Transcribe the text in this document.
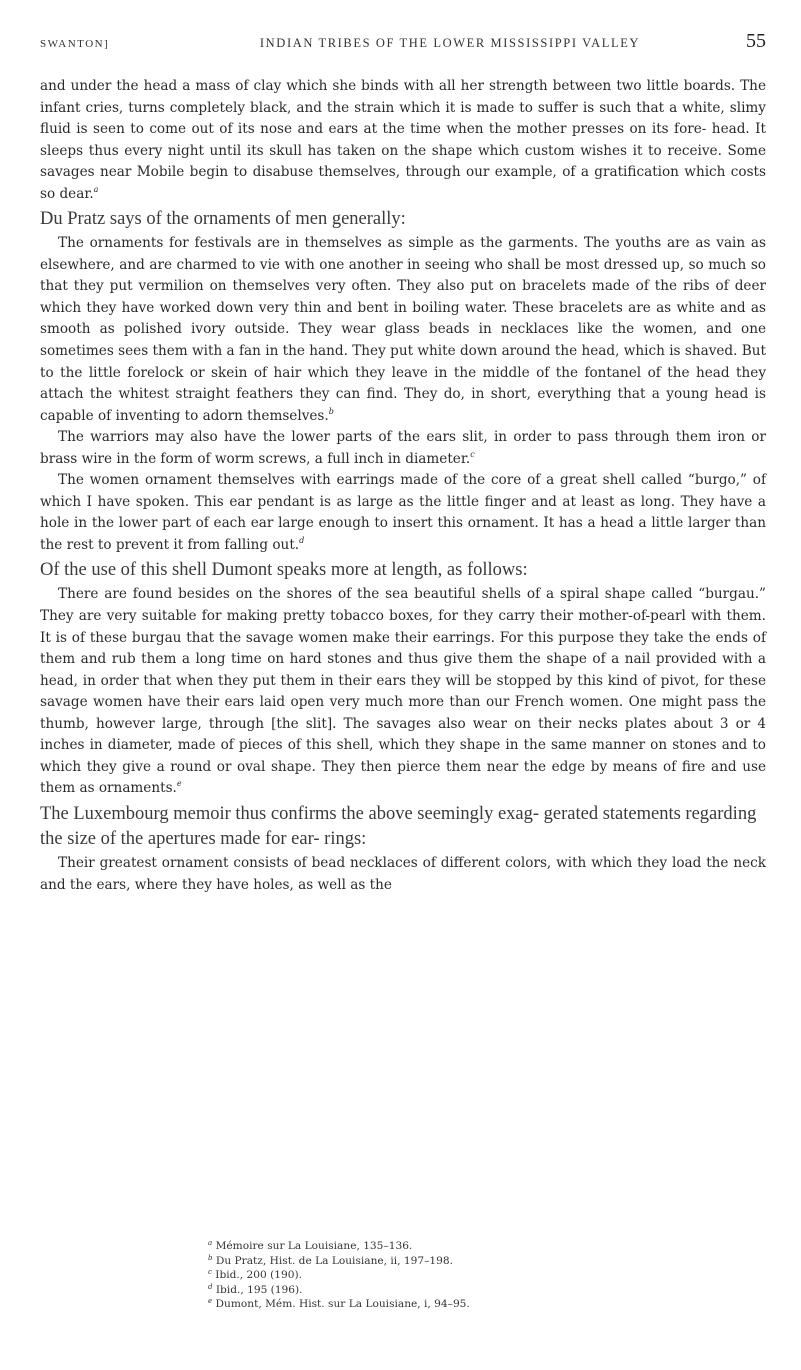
SWANTON]	INDIAN TRIBES OF THE LOWER MISSISSIPPI VALLEY	55

and under the head a mass of clay which she binds with all her strength between two little boards. The infant cries, turns completely black, and the strain which it is made to suffer is such that a white, slimy fluid is seen to come out of its nose and ears at the time when the mother presses on its fore- head. It sleeps thus every night until its skull has taken on the shape which custom wishes it to receive. Some savages near Mobile begin to disabuse themselves, through our example, of a gratification which costs so dear.$^a$

Du Pratz says of the ornaments of men generally:

The ornaments for festivals are in themselves as simple as the garments. The youths are as vain as elsewhere, and are charmed to vie with one another in seeing who shall be most dressed up, so much so that they put vermilion on themselves very often. They also put on bracelets made of the ribs of deer which they have worked down very thin and bent in boiling water. These bracelets are as white and as smooth as polished ivory outside. They wear glass beads in necklaces like the women, and one sometimes sees them with a fan in the hand. They put white down around the head, which is shaved. But to the little forelock or skein of hair which they leave in the middle of the fontanel of the head they attach the whitest straight feathers they can find. They do, in short, everything that a young head is capable of inventing to adorn themselves.$^b$

The warriors may also have the lower parts of the ears slit, in order to pass through them iron or brass wire in the form of worm screws, a full inch in diameter.$^c$

The women ornament themselves with earrings made of the core of a great shell called “burgo,” of which I have spoken. This ear pendant is as large as the little finger and at least as long. They have a hole in the lower part of each ear large enough to insert this ornament. It has a head a little larger than the rest to prevent it from falling out.$^d$

Of the use of this shell Dumont speaks more at length, as follows:

There are found besides on the shores of the sea beautiful shells of a spiral shape called “burgau.” They are very suitable for making pretty tobacco boxes, for they carry their mother-of-pearl with them. It is of these burgau that the savage women make their earrings. For this purpose they take the ends of them and rub them a long time on hard stones and thus give them the shape of a nail provided with a head, in order that when they put them in their ears they will be stopped by this kind of pivot, for these savage women have their ears laid open very much more than our French women. One might pass the thumb, however large, through [the slit]. The savages also wear on their necks plates about 3 or 4 inches in diameter, made of pieces of this shell, which they shape in the same manner on stones and to which they give a round or oval shape. They then pierce them near the edge by means of fire and use them as ornaments.$^e$

The Luxembourg memoir thus confirms the above seemingly exag- gerated statements regarding the size of the apertures made for ear- rings:

Their greatest ornament consists of bead necklaces of different colors, with which they load the neck and the ears, where they have holes, as well as the

$^a$ Mémoire sur La Louisiane, 135–136.
$^b$ Du Pratz, Hist. de La Louisiane, ii, 197–198.
$^c$ Ibid., 200 (190).
$^d$ Ibid., 195 (196).
$^e$ Dumont, Mém. Hist. sur La Louisiane, i, 94–95.
